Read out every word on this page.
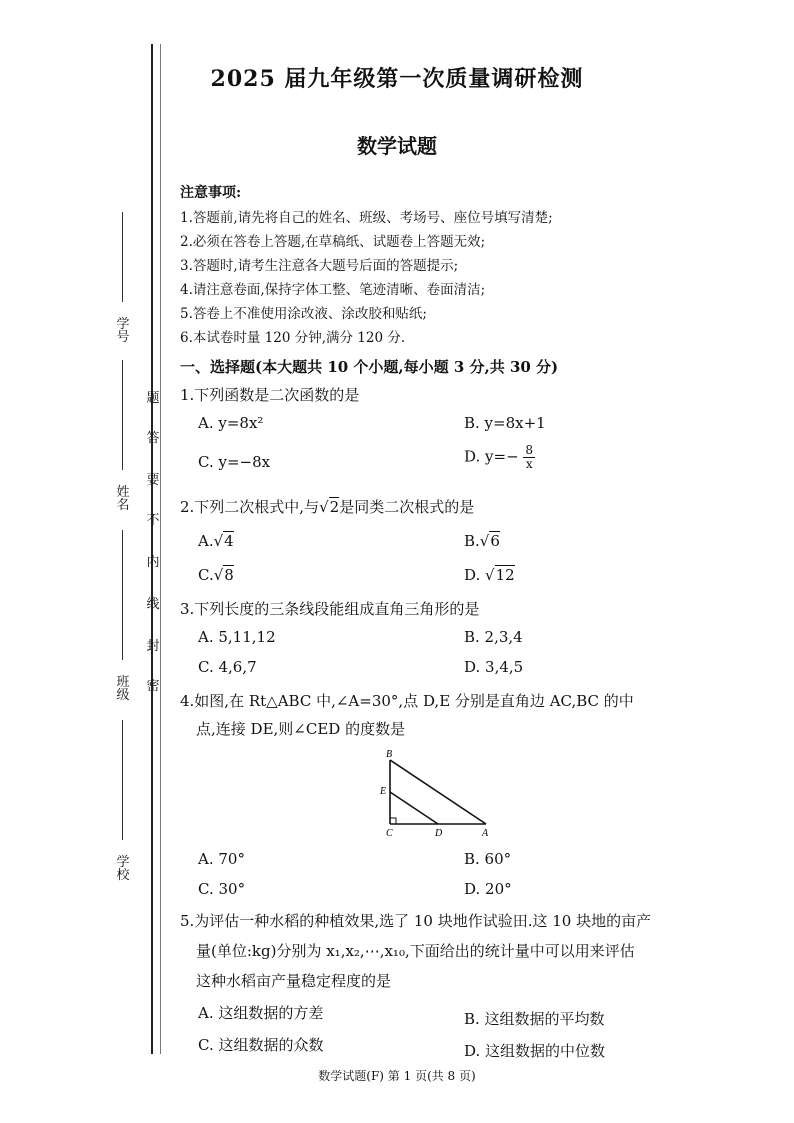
题
答
要
不
内
线
封
密
学 号
姓 名
班 级
学 校
2025 届九年级第一次质量调研检测
数学试题
注意事项:
1.答题前,请先将自己的姓名、班级、考场号、座位号填写清楚;
2.必须在答卷上答题,在草稿纸、试题卷上答题无效;
3.答题时,请考生注意各大题号后面的答题提示;
4.请注意卷面,保持字体工整、笔迹清晰、卷面清洁;
5.答卷上不准使用涂改液、涂改胶和贴纸;
6.本试卷时量 120 分钟,满分 120 分.
一、选择题(本大题共 10 个小题,每小题 3 分,共 30 分)
1.下列函数是二次函数的是
A. y=8x²	B. y=8x+1
C. y=−8x	D. $y=- \frac{8}{x}$
2.下列二次根式中,与√2是同类二次根式的是
A.√4	B.√6
C.√8	D. √12
3.下列长度的三条线段能组成直角三角形的是
A. 5,11,12	B. 2,3,4
C. 4,6,7	D. 3,4,5
4.如图,在 Rt△ABC 中,∠A=30°,点 D,E 分别是直角边 AC,BC 的中
点,连接 DE,则∠CED 的度数是
B
E
C	D	A
A. 70°	B. 60°
C. 30°	D. 20°
5.为评估一种水稻的种植效果,选了 10 块地作试验田.这 10 块地的亩产
量(单位:kg)分别为 x₁,x₂,⋯,x₁₀,下面给出的统计量中可以用来评估
这种水稻亩产量稳定程度的是
A. 这组数据的方差	B. 这组数据的平均数
C. 这组数据的众数	D. 这组数据的中位数
数学试题(F) 第 1 页(共 8 页)
